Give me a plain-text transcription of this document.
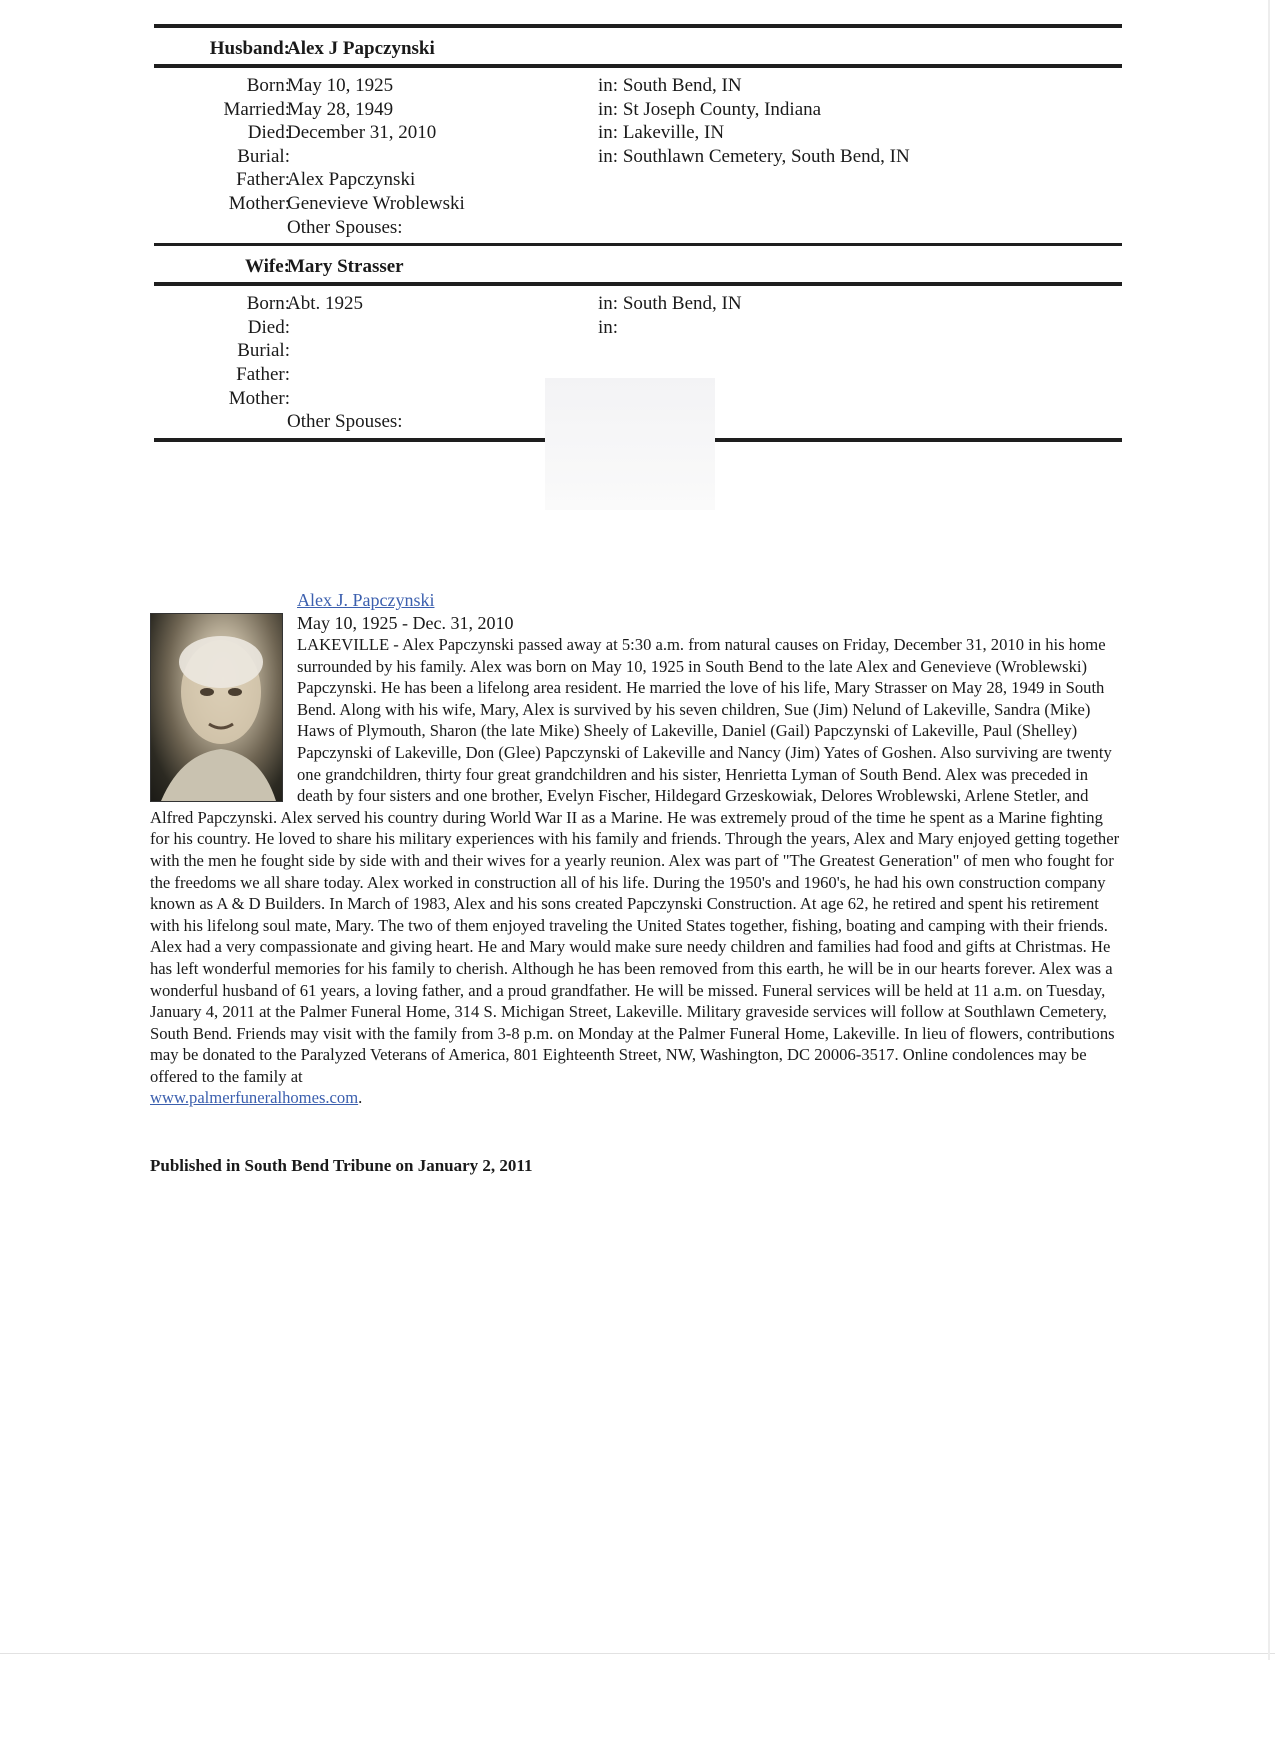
Husband:
Alex J Papczynski
Born:
May 10, 1925	in: South Bend, IN
Married:
May 28, 1949	in: St Joseph County, Indiana
Died:
December 31, 2010	in: Lakeville, IN
Burial:	in: Southlawn Cemetery, South Bend, IN
Father:
Alex Papczynski
Mother:
Genevieve Wroblewski
Other Spouses:
Wife:
Mary Strasser
Born:
Abt. 1925	in: South Bend, IN
Died:	in:
Burial:
Father:
Mother:
Other Spouses:
Alex J. Papczynski
May 10, 1925 - Dec. 31, 2010
LAKEVILLE - Alex Papczynski passed away at 5:30 a.m. from natural causes on Friday, December 31, 2010 in his home surrounded by his family. Alex was born on May 10, 1925 in South Bend to the late Alex and Genevieve (Wroblewski) Papczynski. He has been a lifelong area resident. He married the love of his life, Mary Strasser on May 28, 1949 in South Bend. Along with his wife, Mary, Alex is survived by his seven children, Sue (Jim) Nelund of Lakeville, Sandra (Mike) Haws of Plymouth, Sharon (the late Mike) Sheely of Lakeville, Daniel (Gail) Papczynski of Lakeville, Paul (Shelley) Papczynski of Lakeville, Don (Glee) Papczynski of Lakeville and Nancy (Jim) Yates of Goshen. Also surviving are twenty one grandchildren, thirty four great grandchildren and his sister, Henrietta Lyman of South Bend. Alex was preceded in death by four sisters and one brother, Evelyn Fischer, Hildegard Grzeskowiak, Delores Wroblewski, Arlene Stetler, and Alfred Papczynski. Alex served his country during World War II as a Marine. He was extremely proud of the time he spent as a Marine fighting for his country. He loved to share his military experiences with his family and friends. Through the years, Alex and Mary enjoyed getting together with the men he fought side by side with and their wives for a yearly reunion. Alex was part of "The Greatest Generation" of men who fought for the freedoms we all share today. Alex worked in construction all of his life. During the 1950's and 1960's, he had his own construction company known as A & D Builders. In March of 1983, Alex and his sons created Papczynski Construction. At age 62, he retired and spent his retirement with his lifelong soul mate, Mary. The two of them enjoyed traveling the United States together, fishing, boating and camping with their friends. Alex had a very compassionate and giving heart. He and Mary would make sure needy children and families had food and gifts at Christmas. He has left wonderful memories for his family to cherish. Although he has been removed from this earth, he will be in our hearts forever. Alex was a wonderful husband of 61 years, a loving father, and a proud grandfather. He will be missed. Funeral services will be held at 11 a.m. on Tuesday, January 4, 2011 at the Palmer Funeral Home, 314 S. Michigan Street, Lakeville. Military graveside services will follow at Southlawn Cemetery, South Bend. Friends may visit with the family from 3-8 p.m. on Monday at the Palmer Funeral Home, Lakeville. In lieu of flowers, contributions may be donated to the Paralyzed Veterans of America, 801 Eighteenth Street, NW, Washington, DC 20006-3517. Online condolences may be offered to the family at
www.palmerfuneralhomes.com.
Published in South Bend Tribune on January 2, 2011
